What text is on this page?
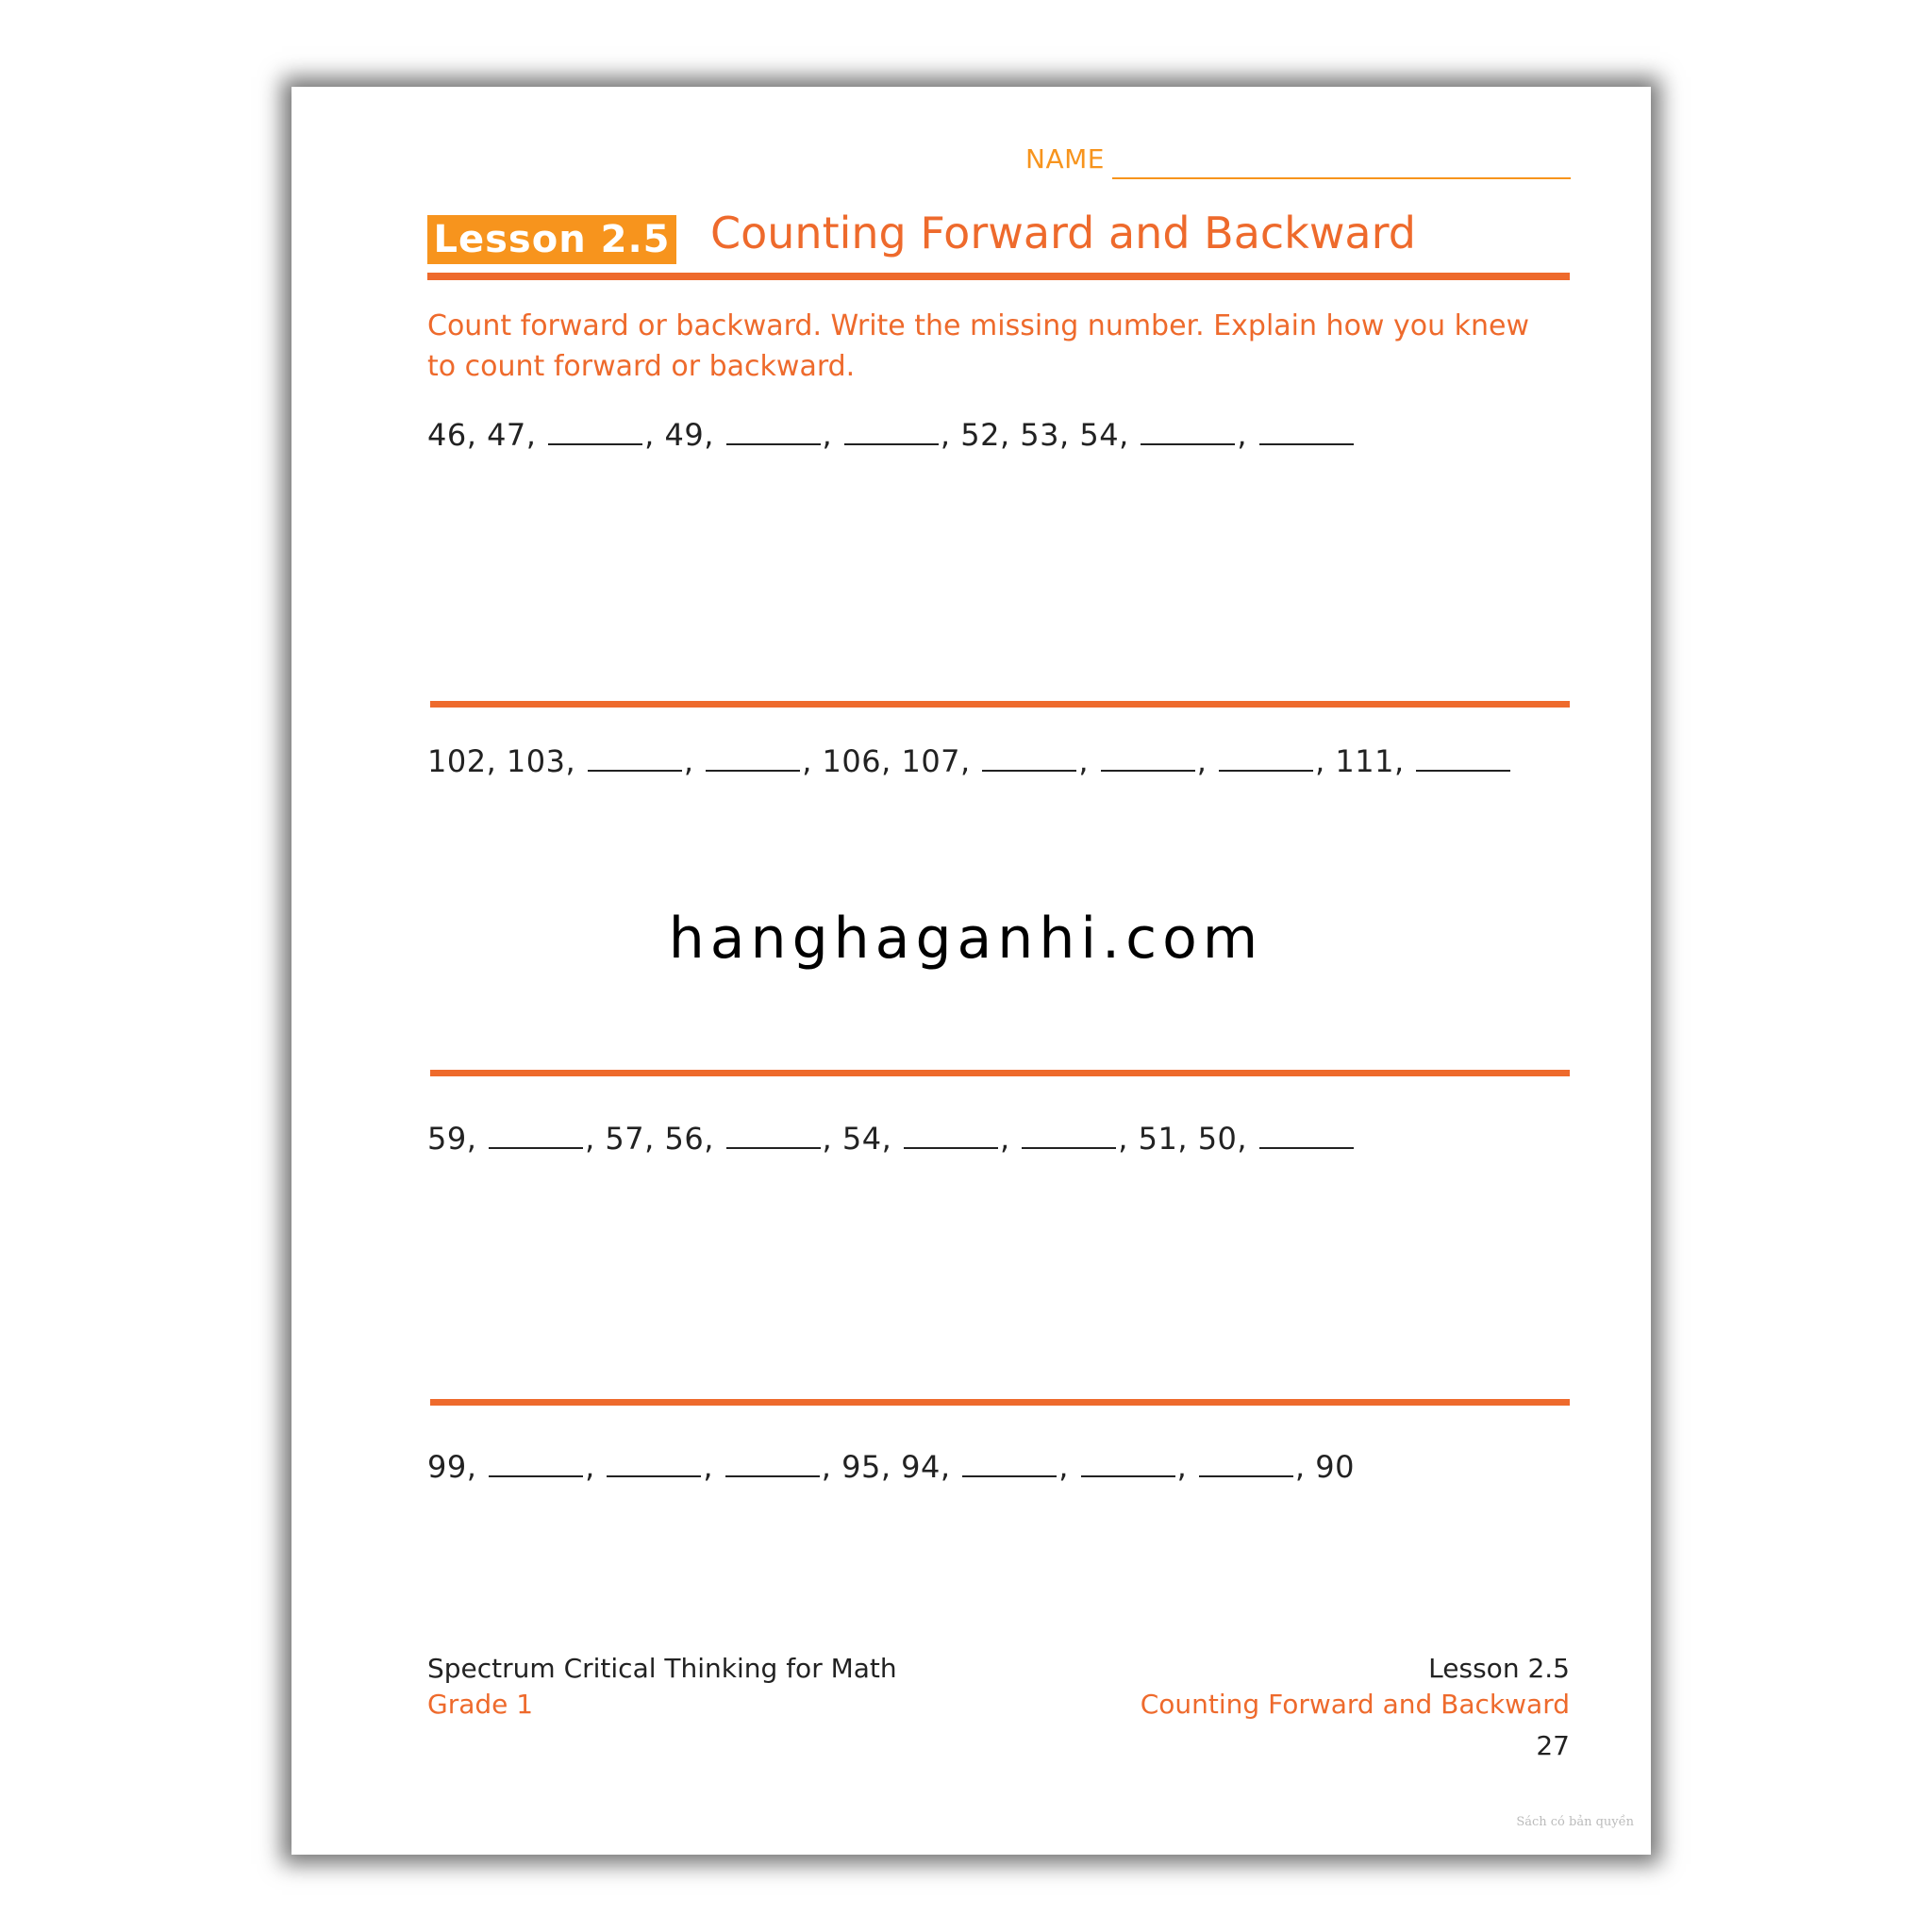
NAME
Lesson 2.5 Counting Forward and Backward
Count forward or backward. Write the missing number. Explain how you knew to count forward or backward.
46, 47,	, 49,	,	, 52, 53, 54,	,
102, 103,	,	, 106, 107,	,	,	, 111,
59,	, 57, 56,	, 54,	,	, 51, 50,
99,	,	,	, 95, 94,	,	,	, 90
Spectrum Critical Thinking for Math
Grade 1
Lesson 2.5
Counting Forward and Backward
27
Sách có bản quyền
hanghaganhi.com
